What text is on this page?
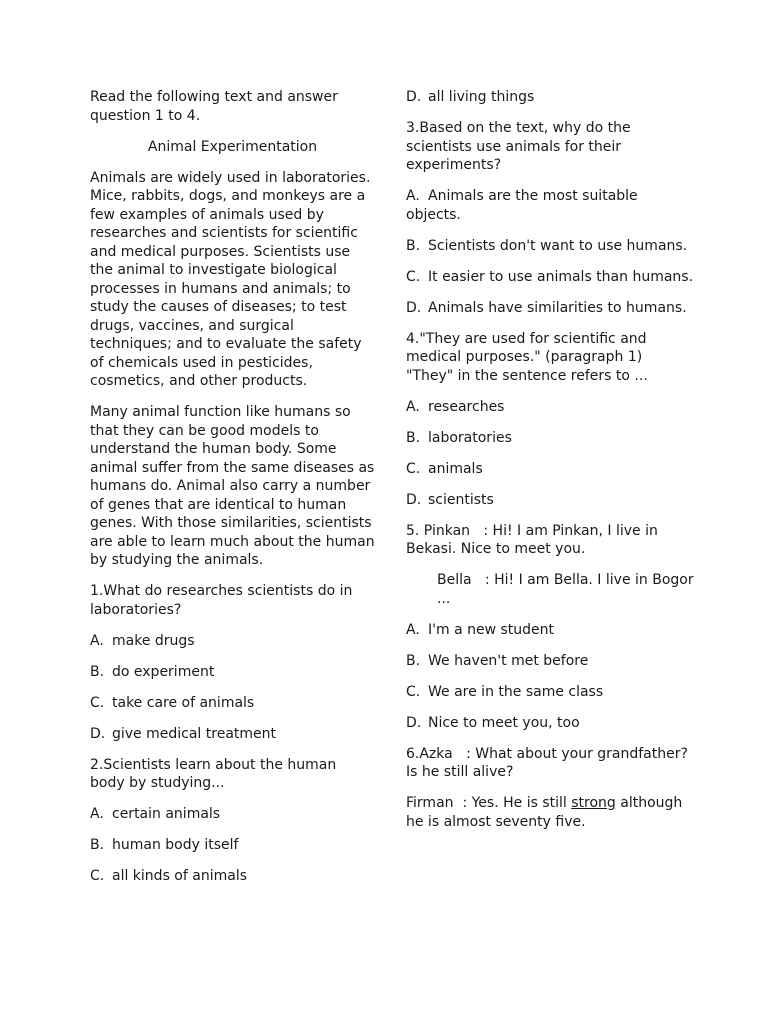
Read the following text and answer question 1 to 4.

Animal Experimentation

Animals are widely used in laboratories. Mice, rabbits, dogs, and monkeys are a few examples of animals used by researches and scientists for scientific and medical purposes. Scientists use the animal to investigate biological processes in humans and animals; to study the causes of diseases; to test drugs, vaccines, and surgical techniques; and to evaluate the safety of chemicals used in pesticides, cosmetics, and other products.

Many animal function like humans so that they can be good models to understand the human body. Some animal suffer from the same diseases as humans do. Animal also carry a number of genes that are identical to human genes. With those similarities, scientists are able to learn much about the human by studying the animals.

1.What do researches scientists do in laboratories?

A. make drugs

B. do experiment

C. take care of animals

D. give medical treatment

2.Scientists learn about the human body by studying...

A. certain animals

B. human body itself

C. all kinds of animals

D. all living things

3.Based on the text, why do the scientists use animals for their experiments?

A. Animals are the most suitable objects.

B. Scientists don't want to use humans.

C. It easier to use animals than humans.

D. Animals have similarities to humans.

4."They are used for scientific and medical purposes." (paragraph 1)
"They" in the sentence refers to ...

A. researches

B. laboratories

C. animals

D. scientists

5. Pinkan : Hi! I am Pinkan, I live in Bekasi. Nice to meet you.

Bella : Hi! I am Bella. I live in Bogor ...

A. I'm a new student

B. We haven't met before

C. We are in the same class

D. Nice to meet you, too

6.Azka : What about your grandfather? Is he still alive?

Firman : Yes. He is still strong although he is almost seventy five.
